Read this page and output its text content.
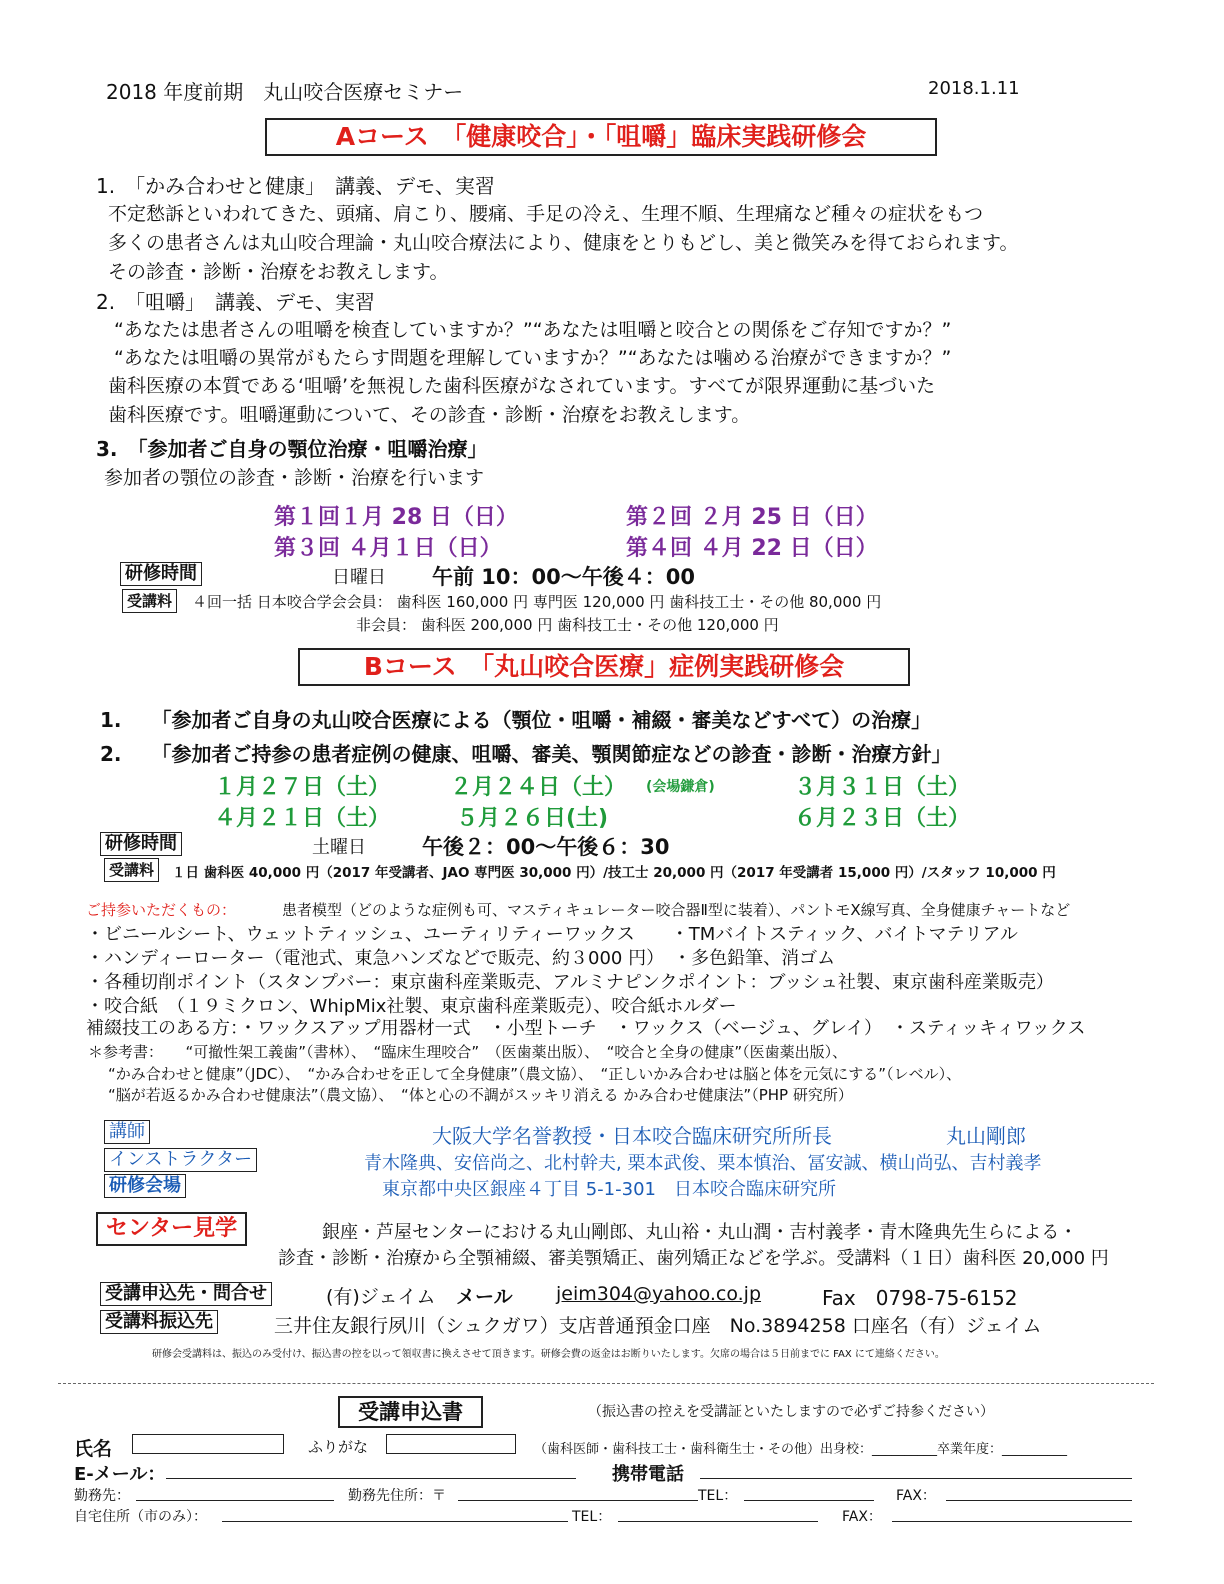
2018 年度前期　丸山咬合医療セミナー	2018.1.11
Aコース　「健康咬合」・「咀嚼」臨床実践研修会
1.　「かみ合わせと健康」　講義、デモ、実習
不定愁訴といわれてきた、頭痛、肩こり、腰痛、手足の冷え、生理不順、生理痛など種々の症状をもつ
多くの患者さんは丸山咬合理論・丸山咬合療法により、健康をとりもどし、美と微笑みを得ておられます。
その診査・診断・治療をお教えします。
2.　「咀嚼」　講義、デモ、実習
“あなたは患者さんの咀嚼を検査していますか？”“あなたは咀嚼と咬合との関係をご存知ですか？”
“あなたは咀嚼の異常がもたらす問題を理解していますか？”“あなたは噛める治療ができますか？”
歯科医療の本質である‘咀嚼’を無視した歯科医療がなされています。すべてが限界運動に基づいた
歯科医療です。咀嚼運動について、その診査・診断・治療をお教えします。
3.　「参加者ご自身の顎位治療・咀嚼治療」
参加者の顎位の診査・診断・治療を行います
第１回１月 28 日（日）	第２回 ２月 25 日（日）
第３回 ４月１日（日）	第４回 ４月 22 日（日）
研修時間	日曜日 午前 10：00〜午後４：00
受講料	４回一括 日本咬合学会会員： 歯科医 160,000 円 専門医 120,000 円 歯科技工士・その他 80,000 円
非会員： 歯科医 200,000 円 歯科技工士・その他 120,000 円
Bコース　「丸山咬合医療」症例実践研修会
1.　　「参加者ご自身の丸山咬合医療による（顎位・咀嚼・補綴・審美などすべて）の治療」
2.　　「参加者ご持参の患者症例の健康、咀嚼、審美、顎関節症などの診査・診断・治療方針」
１月２７日（土）	２月２４日（土） (会場鎌倉)	３月３１日（土）
４月２１日（土）	５月２６日(土)	６月２３日（土）
研修時間	土曜日	午後２：00〜午後６：30
受講料	１日 歯科医 40,000 円（2017 年受講者、JAO 専門医 30,000 円）/技工士 20,000 円（2017 年受講者 15,000 円）/スタッフ 10,000 円
ご持参いただくもの：	患者模型（どのような症例も可、マスティキュレーター咬合器Ⅱ型に装着）、パントモX線写真、全身健康チャートなど
・ビニールシート、ウェットティッシュ、ユーティリティーワックス　　・TMバイトスティック、バイトマテリアル
・ハンディーローター（電池式、東急ハンズなどで販売、約３000 円）　・多色鉛筆、消ゴム
・各種切削ポイント（スタンプバー：東京歯科産業販売、アルミナピンクポイント：ブッシュ社製、東京歯科産業販売）
・咬合紙　（１９ミクロン、WhipMix社製、東京歯科産業販売）、咬合紙ホルダー
補綴技工のある方：・ワックスアップ用器材一式　・小型トーチ　・ワックス（ベージュ、グレイ）　・スティッキィワックス
＊参考書：　　“可撤性架工義歯”（書林）、　“臨床生理咬合”　（医歯薬出版）、　“咬合と全身の健康”（医歯薬出版）、
“かみ合わせと健康”（JDC）、　“かみ合わせを正して全身健康”（農文協）、　“正しいかみ合わせは脳と体を元気にする”（レベル）、
“脳が若返るかみ合わせ健康法”（農文協）、　“体と心の不調がスッキリ消える かみ合わせ健康法”（PHP 研究所）
講師	大阪大学名誉教授・日本咬合臨床研究所所長	丸山剛郎
インストラクター	青木隆典、安倍尚之、北村幹夫, 栗本武俊、栗本慎治、冨安誠、横山尚弘、吉村義孝
研修会場	東京都中央区銀座４丁目 5-1-301　日本咬合臨床研究所
センター見学	銀座・芦屋センターにおける丸山剛郎、丸山裕・丸山潤・吉村義孝・青木隆典先生らによる・
診査・診断・治療から全顎補綴、審美顎矯正、歯列矯正などを学ぶ。受講料（１日）歯科医 20,000 円
受講申込先・問合せ	(有)ジェイム メール jeim304@yahoo.co.jp	Fax　0798-75-6152
受講料振込先	三井住友銀行夙川（シュクガワ）支店普通預金口座　No.3894258 口座名（有）ジェイム
研修会受講料は、振込のみ受付け、振込書の控を以って領収書に換えさせて頂きます。研修会費の返金はお断りいたします。欠席の場合は５日前までに FAX にて連絡ください。
受講申込書	（振込書の控えを受講証といたしますので必ずご持参ください）
氏名	ふりがな	（歯科医師・歯科技工士・歯科衛生士・その他）出身校：__________卒業年度：__________
E-メール：	携帯電話
勤務先：	勤務先住所：〒	TEL：	FAX：
自宅住所（市のみ）：	TEL：	FAX：
